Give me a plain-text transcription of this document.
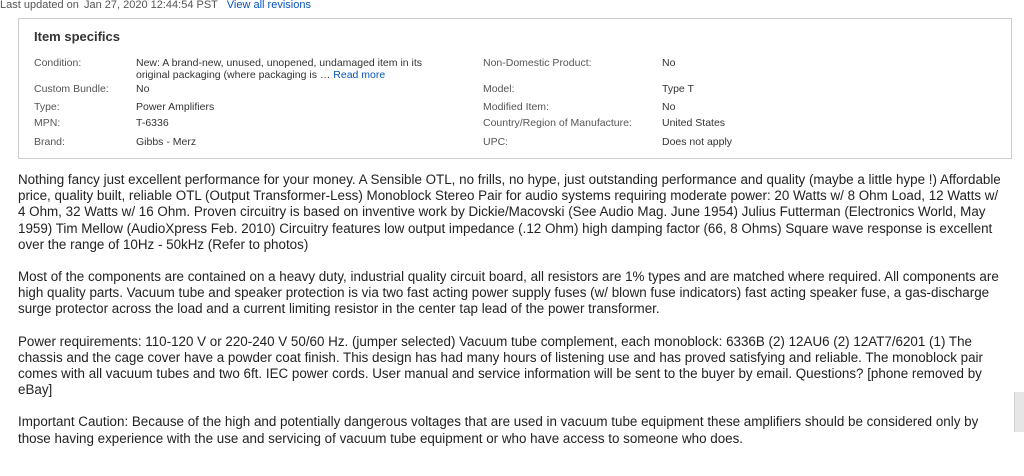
Last updated on Jan 27, 2020 12:44:54 PST View all revisions
Item specifics
Condition:
Custom Bundle:
Type:
MPN:
Brand:
New: A brand-new, unused, unopened, undamaged item in its original packaging (where packaging is … Read more
No
Power Amplifiers
T-6336
Gibbs - Merz
Non-Domestic Product:
Model:
Modified Item:
Country/Region of Manufacture:
UPC:
No
Type T
No
United States
Does not apply

Nothing fancy just excellent performance for your money. A Sensible OTL, no frills, no hype, just outstanding performance and quality (maybe a little hype !) Affordable price, quality built, reliable OTL (Output Transformer-Less) Monoblock Stereo Pair for audio systems requiring moderate power: 20 Watts w/ 8 Ohm Load, 12 Watts w/ 4 Ohm, 32 Watts w/ 16 Ohm. Proven circuitry is based on inventive work by Dickie/Macovski (See Audio Mag. June 1954) Julius Futterman (Electronics World, May 1959) Tim Mellow (AudioXpress Feb. 2010) Circuitry features low output impedance (.12 Ohm) high damping factor (66, 8 Ohms) Square wave response is excellent over the range of 10Hz - 50kHz (Refer to photos)

Most of the components are contained on a heavy duty, industrial quality circuit board, all resistors are 1% types and are matched where required. All components are high quality parts. Vacuum tube and speaker protection is via two fast acting power supply fuses (w/ blown fuse indicators) fast acting speaker fuse, a gas-discharge surge protector across the load and a current limiting resistor in the center tap lead of the power transformer.

Power requirements: 110-120 V or 220-240 V 50/60 Hz. (jumper selected) Vacuum tube complement, each monoblock: 6336B (2) 12AU6 (2) 12AT7/6201 (1) The chassis and the cage cover have a powder coat finish. This design has had many hours of listening use and has proved satisfying and reliable. The monoblock pair comes with all vacuum tubes and two 6ft. IEC power cords. User manual and service information will be sent to the buyer by email. Questions? [phone removed by eBay]

Important Caution: Because of the high and potentially dangerous voltages that are used in vacuum tube equipment these amplifiers should be considered only by those having experience with the use and servicing of vacuum tube equipment or who have access to someone who does.
